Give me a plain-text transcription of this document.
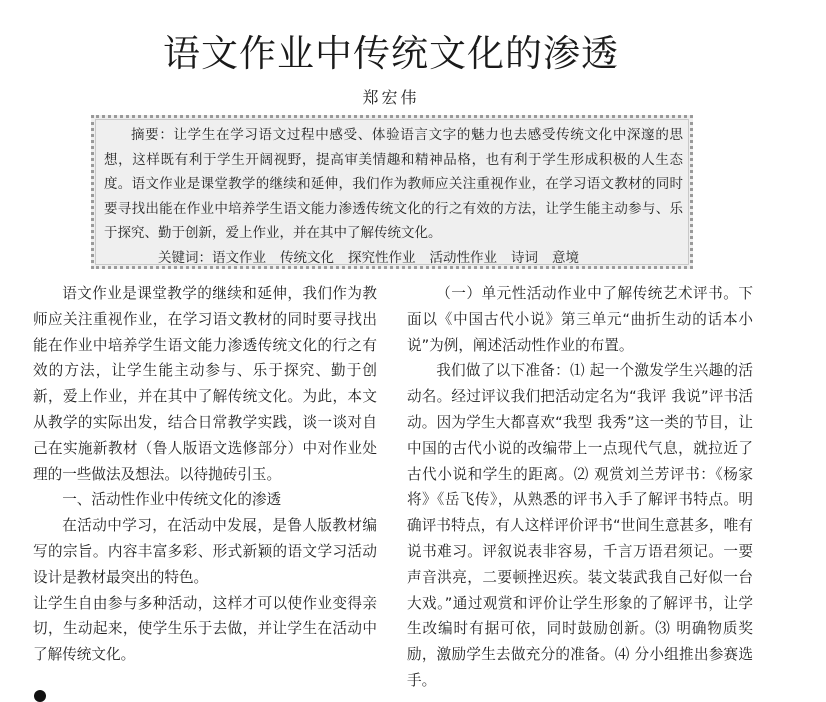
语文作业中传统文化的渗透
郑宏伟

摘要：让学生在学习语文过程中感受、体验语言文字的魅力也去感受传统文化中深邃的思想，这样既有利于学生开阔视野，提高审美情趣和精神品格，也有利于学生形成积极的人生态度。语文作业是课堂教学的继续和延伸，我们作为教师应关注重视作业，在学习语文教材的同时要寻找出能在作业中培养学生语文能力渗透传统文化的行之有效的方法，让学生能主动参与、乐于探究、勤于创新，爱上作业，并在其中了解传统文化。

关键词：语文作业 传统文化 探究性作业 活动性作业 诗词 意境

语文作业是课堂教学的继续和延伸，我们作为教师应关注重视作业，在学习语文教材的同时要寻找出能在作业中培养学生语文能力渗透传统文化的行之有效的方法，让学生能主动参与、乐于探究、勤于创新，爱上作业，并在其中了解传统文化。为此，本文从教学的实际出发，结合日常教学实践，谈一谈对自己在实施新教材（鲁人版语文选修部分）中对作业处理的一些做法及想法。以待抛砖引玉。

一、活动性作业中传统文化的渗透

在活动中学习，在活动中发展，是鲁人版教材编写的宗旨。内容丰富多彩、形式新颖的语文学习活动设计是教材最突出的特色。

让学生自由参与多种活动，这样才可以使作业变得亲切，生动起来，使学生乐于去做，并让学生在活动中了解传统文化。

（一）单元性活动作业中了解传统艺术评书。下面以《中国古代小说》第三单元“曲折生动的话本小说”为例，阐述活动性作业的布置。

我们做了以下准备：⑴ 起一个激发学生兴趣的活动名。经过评议我们把活动定名为“我评 我说”评书活动。因为学生大都喜欢“我型 我秀”这一类的节目，让中国的古代小说的改编带上一点现代气息，就拉近了古代小说和学生的距离。⑵ 观赏刘兰芳评书：《杨家将》《岳飞传》，从熟悉的评书入手了解评书特点。明确评书特点，有人这样评价评书“世间生意甚多，唯有说书难习。评叙说表非容易，千言万语君须记。一要声音洪亮，二要顿挫迟疾。装文装武我自己好似一台大戏。”通过观赏和评价让学生形象的了解评书，让学生改编时有据可依，同时鼓励创新。⑶ 明确物质奖励，激励学生去做充分的准备。⑷ 分小组推出参赛选手。
